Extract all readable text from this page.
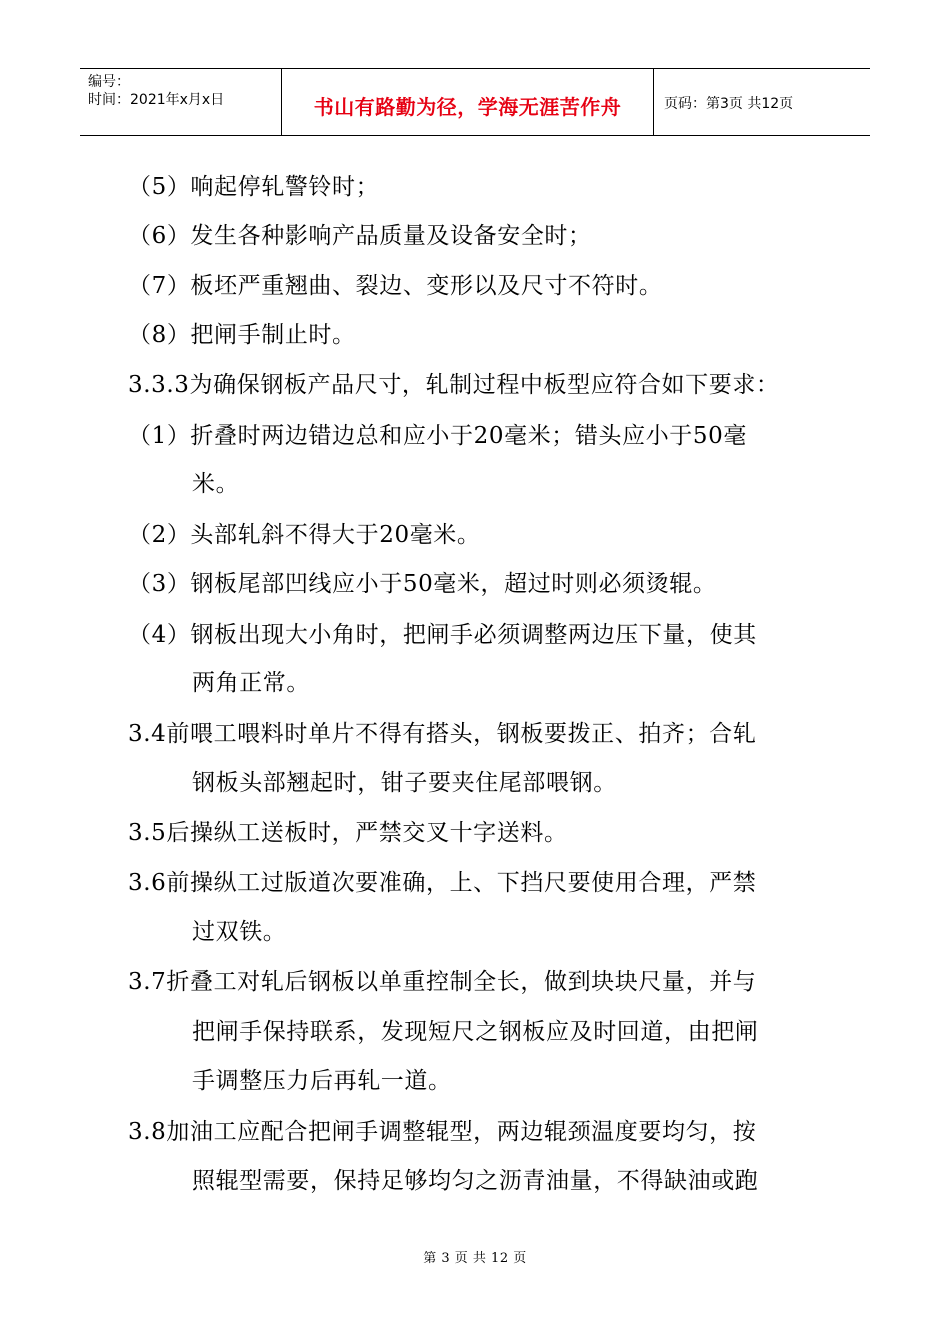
编号：
时间：2021年x月x日	书山有路勤为径，学海无涯苦作舟	页码：第3页 共12页
（5）响起停轧警铃时；
（6）发生各种影响产品质量及设备安全时；
（7）板坯严重翘曲、裂边、变形以及尺寸不符时。
（8）把闸手制止时。
3.3.3为确保钢板产品尺寸，轧制过程中板型应符合如下要求：
（1）折叠时两边错边总和应小于20毫米；错头应小于50毫
米。
（2）头部轧斜不得大于20毫米。
（3）钢板尾部凹线应小于50毫米，超过时则必须烫辊。
（4）钢板出现大小角时，把闸手必须调整两边压下量，使其
两角正常。
3.4前喂工喂料时单片不得有搭头，钢板要拨正、拍齐；合轧
钢板头部翘起时，钳子要夹住尾部喂钢。
3.5后操纵工送板时，严禁交叉十字送料。
3.6前操纵工过版道次要准确，上、下挡尺要使用合理，严禁
过双铁。
3.7折叠工对轧后钢板以单重控制全长，做到块块尺量，并与
把闸手保持联系，发现短尺之钢板应及时回道，由把闸
手调整压力后再轧一道。
3.8加油工应配合把闸手调整辊型，两边辊颈温度要均匀，按
照辊型需要，保持足够均匀之沥青油量，不得缺油或跑
第 3 页 共 12 页
